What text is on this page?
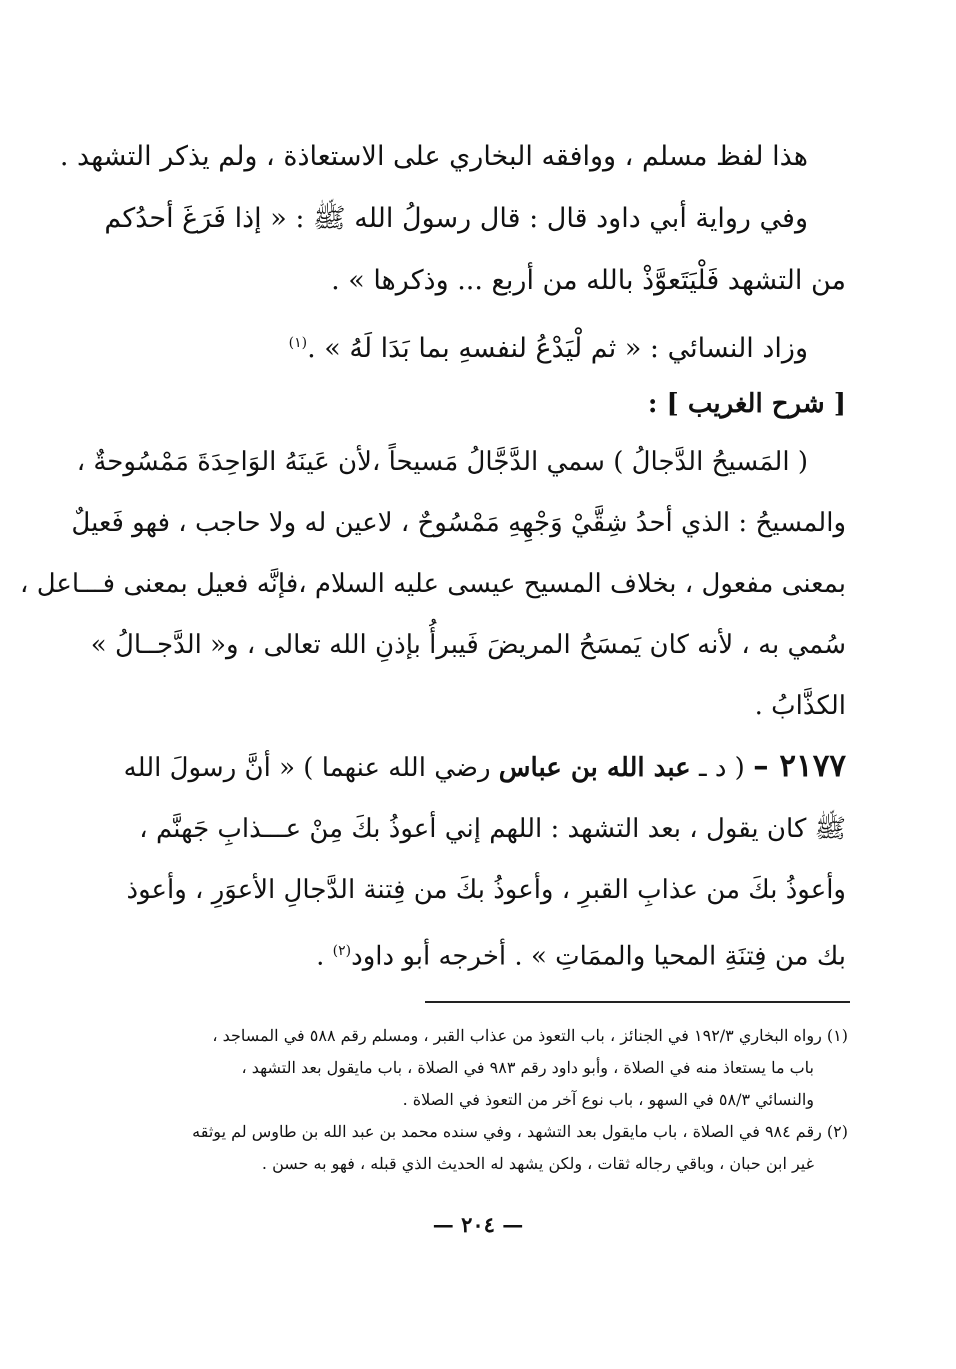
هذا لفظ مسلم ، ووافقه البخاري على الاستعاذة ، ولم يذكر التشهد .
وفي رواية أبي داود قال : قال رسولُ الله ﷺ : « إذا فَرَغَ أحدُكم
من التشهد فَلْيَتَعوَّذْ بالله من أربع ... وذكرها » .
وزاد النسائي : « ثم لْيَدْعُ لنفسهِ بما بَدَا لَهُ » .$^{(١)}$
[ شرح الغريب ] :
( المَسيحُ الدَّجالُ ) سمي الدَّجَّالُ مَسيحاً ،لأن عَينَهُ الوَاحِدَةَ مَمْسُوحةٌ ،
والمسيحُ : الذي أحدُ شِقَّيْ وَجْهِهِ مَمْسُوحٌ ، لاعين له ولا حاجب ، فهو فَعيلٌ
بمعنى مفعول ، بخلاف المسيح عيسى عليه السلام ،فإنَّه فعيل بمعنى فـــاعل ،
سُمي به ، لأنه كان يَمسَحُ المريضَ فَيبرأُ بإذنِ الله تعالى ، و« الدَّجــالُ »
الكذَّابُ .
٢١٧٧ – ( د ـ عبد الله بن عباس رضي الله عنهما ) « أنَّ رسولَ الله
ﷺ كان يقول ، بعد التشهد : اللهم إني أعوذُ بكَ مِنْ عـــذابِ جَهنَّم ،
وأعوذُ بكَ من عذابِ القبرِ ، وأعوذُ بكَ من فِتنة الدَّجالِ الأعوَرِ ، وأعوذ
بك من فِتنَةِ المحيا والممَاتِ » . أخرجه أبو داود$^{(٢)}$ .
(١) رواه البخاري ١٩٢/٣ في الجنائز ، باب التعوذ من عذاب القبر ، ومسلم رقم ٥٨٨ في المساجد ،
باب ما يستعاذ منه في الصلاة ، وأبو داود رقم ٩٨٣ في الصلاة ، باب مايقول بعد التشهد ،
والنسائي ٥٨/٣ في السهو ، باب نوع آخر من التعوذ في الصلاة .
(٢) رقم ٩٨٤ في الصلاة ، باب مايقول بعد التشهد ، وفي سنده محمد بن عبد الله بن طاوس لم يوثقه
غير ابن حبان ، وباقي رجاله ثقات ، ولكن يشهد له الحديث الذي قبله ، فهو به حسن .
— ٢٠٤ —
